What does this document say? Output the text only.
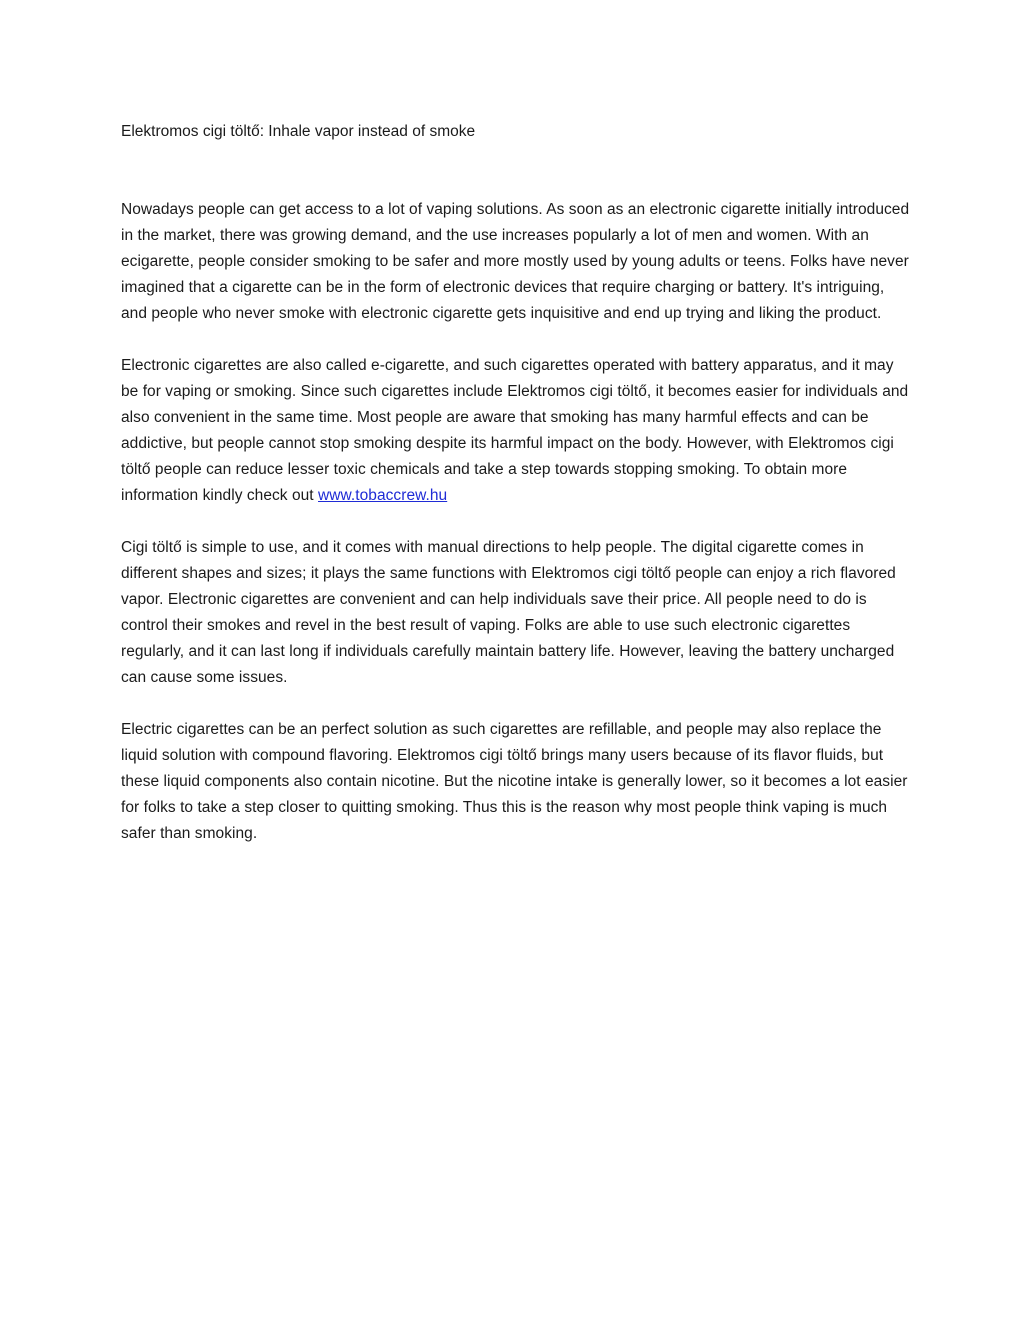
Elektromos cigi töltő: Inhale vapor instead of smoke

Nowadays people can get access to a lot of vaping solutions. As soon as an electronic cigarette initially introduced in the market, there was growing demand, and the use increases popularly a lot of men and women. With an ecigarette, people consider smoking to be safer and more mostly used by young adults or teens. Folks have never imagined that a cigarette can be in the form of electronic devices that require charging or battery. It's intriguing, and people who never smoke with electronic cigarette gets inquisitive and end up trying and liking the product.

Electronic cigarettes are also called e-cigarette, and such cigarettes operated with battery apparatus, and it may be for vaping or smoking. Since such cigarettes include Elektromos cigi töltő, it becomes easier for individuals and also convenient in the same time. Most people are aware that smoking has many harmful effects and can be addictive, but people cannot stop smoking despite its harmful impact on the body. However, with Elektromos cigi töltő people can reduce lesser toxic chemicals and take a step towards stopping smoking. To obtain more information kindly check out www.tobaccrew.hu

Cigi töltő is simple to use, and it comes with manual directions to help people. The digital cigarette comes in different shapes and sizes; it plays the same functions with Elektromos cigi töltő people can enjoy a rich flavored vapor. Electronic cigarettes are convenient and can help individuals save their price. All people need to do is control their smokes and revel in the best result of vaping. Folks are able to use such electronic cigarettes regularly, and it can last long if individuals carefully maintain battery life. However, leaving the battery uncharged can cause some issues.

Electric cigarettes can be an perfect solution as such cigarettes are refillable, and people may also replace the liquid solution with compound flavoring. Elektromos cigi töltő brings many users because of its flavor fluids, but these liquid components also contain nicotine. But the nicotine intake is generally lower, so it becomes a lot easier for folks to take a step closer to quitting smoking. Thus this is the reason why most people think vaping is much safer than smoking.
